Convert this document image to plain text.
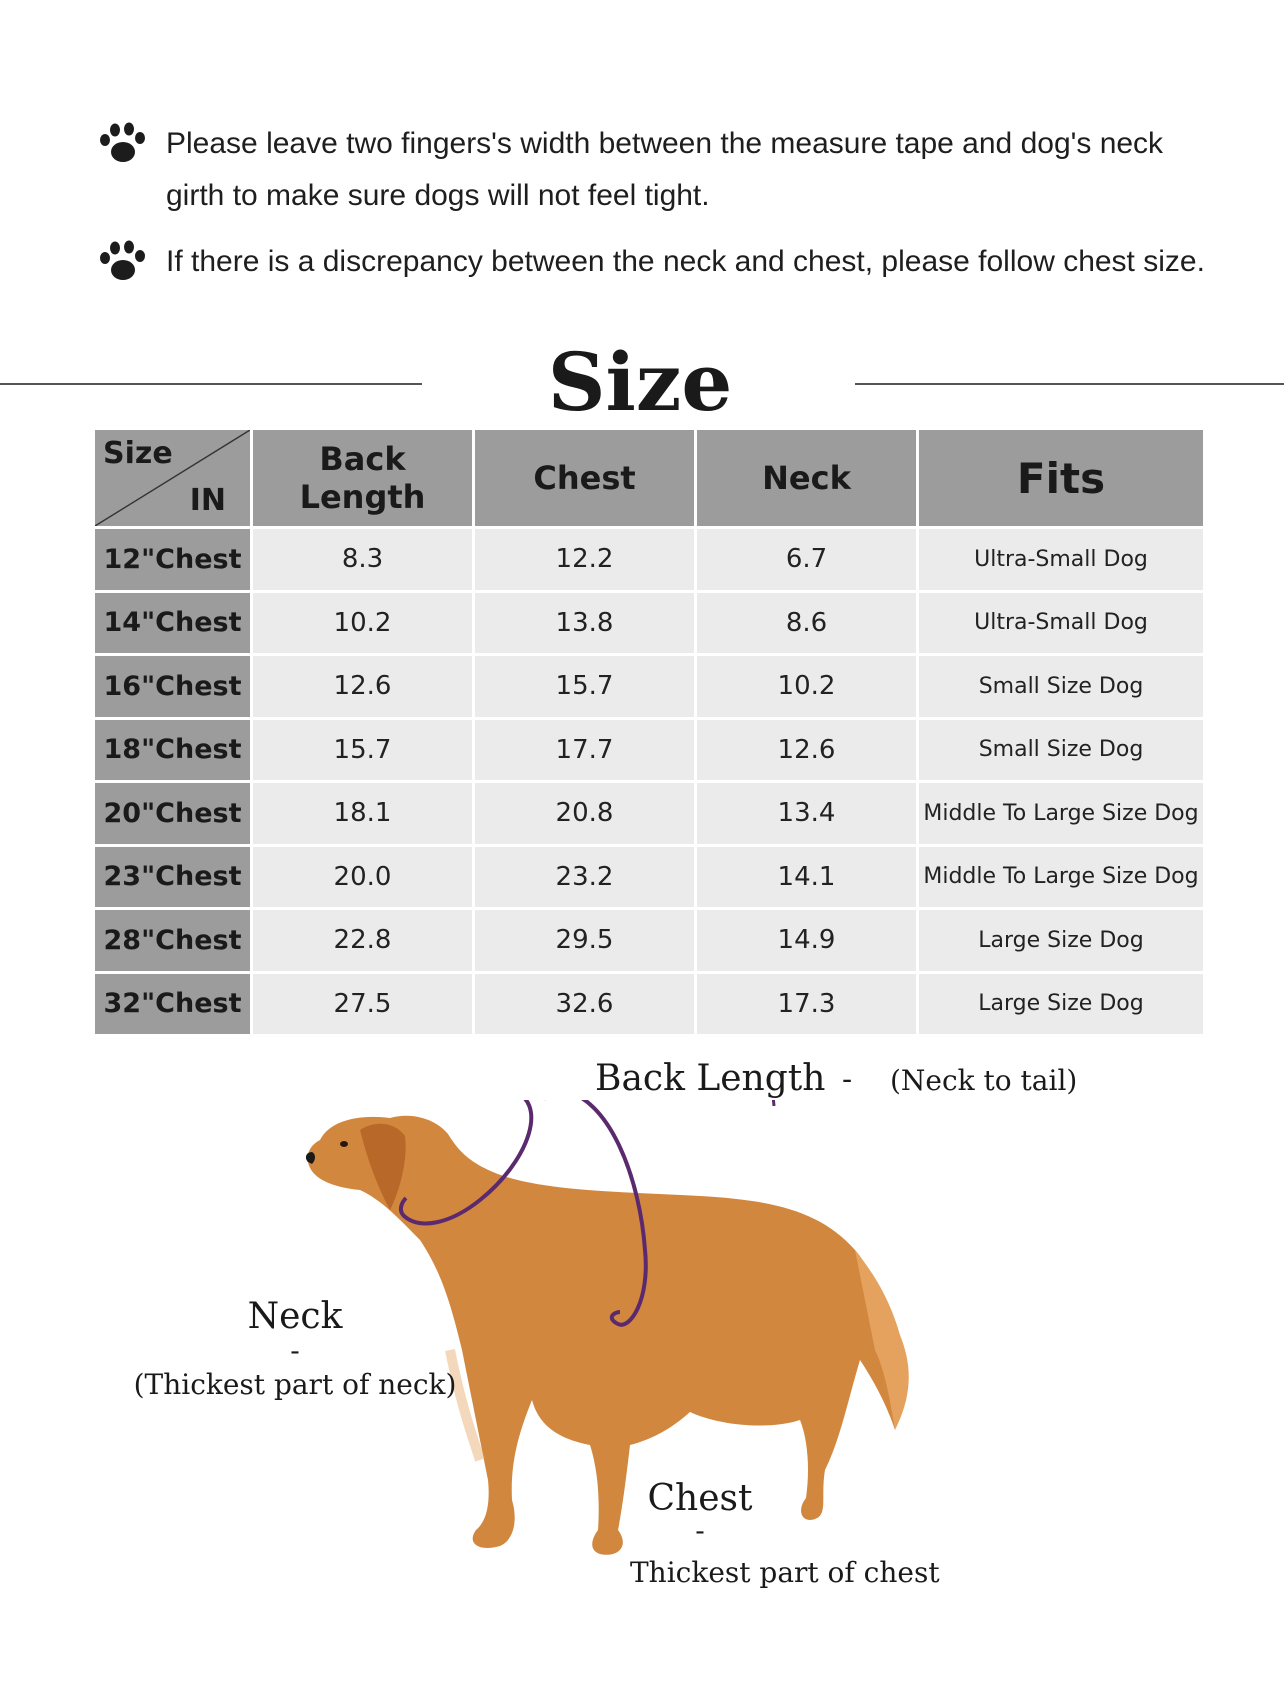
Please leave two fingers's width between the measure tape and dog's neck girth to make sure dogs will not feel tight.
If there is a discrepancy between the neck and chest, please follow chest size.
Size
Size
IN	Back Length	Chest	Neck	Fits
12"Chest	8.3	12.2	6.7	Ultra-Small Dog
14"Chest	10.2	13.8	8.6	Ultra-Small Dog
16"Chest	12.6	15.7	10.2	Small Size Dog
18"Chest	15.7	17.7	12.6	Small Size Dog
20"Chest	18.1	20.8	13.4	Middle To Large Size Dog
23"Chest	20.0	23.2	14.1	Middle To Large Size Dog
28"Chest	22.8	29.5	14.9	Large Size Dog
32"Chest	27.5	32.6	17.3	Large Size Dog
Back Length - (Neck to tail)
Neck
-
(Thickest part of neck)
Chest
-
Thickest part of chest
